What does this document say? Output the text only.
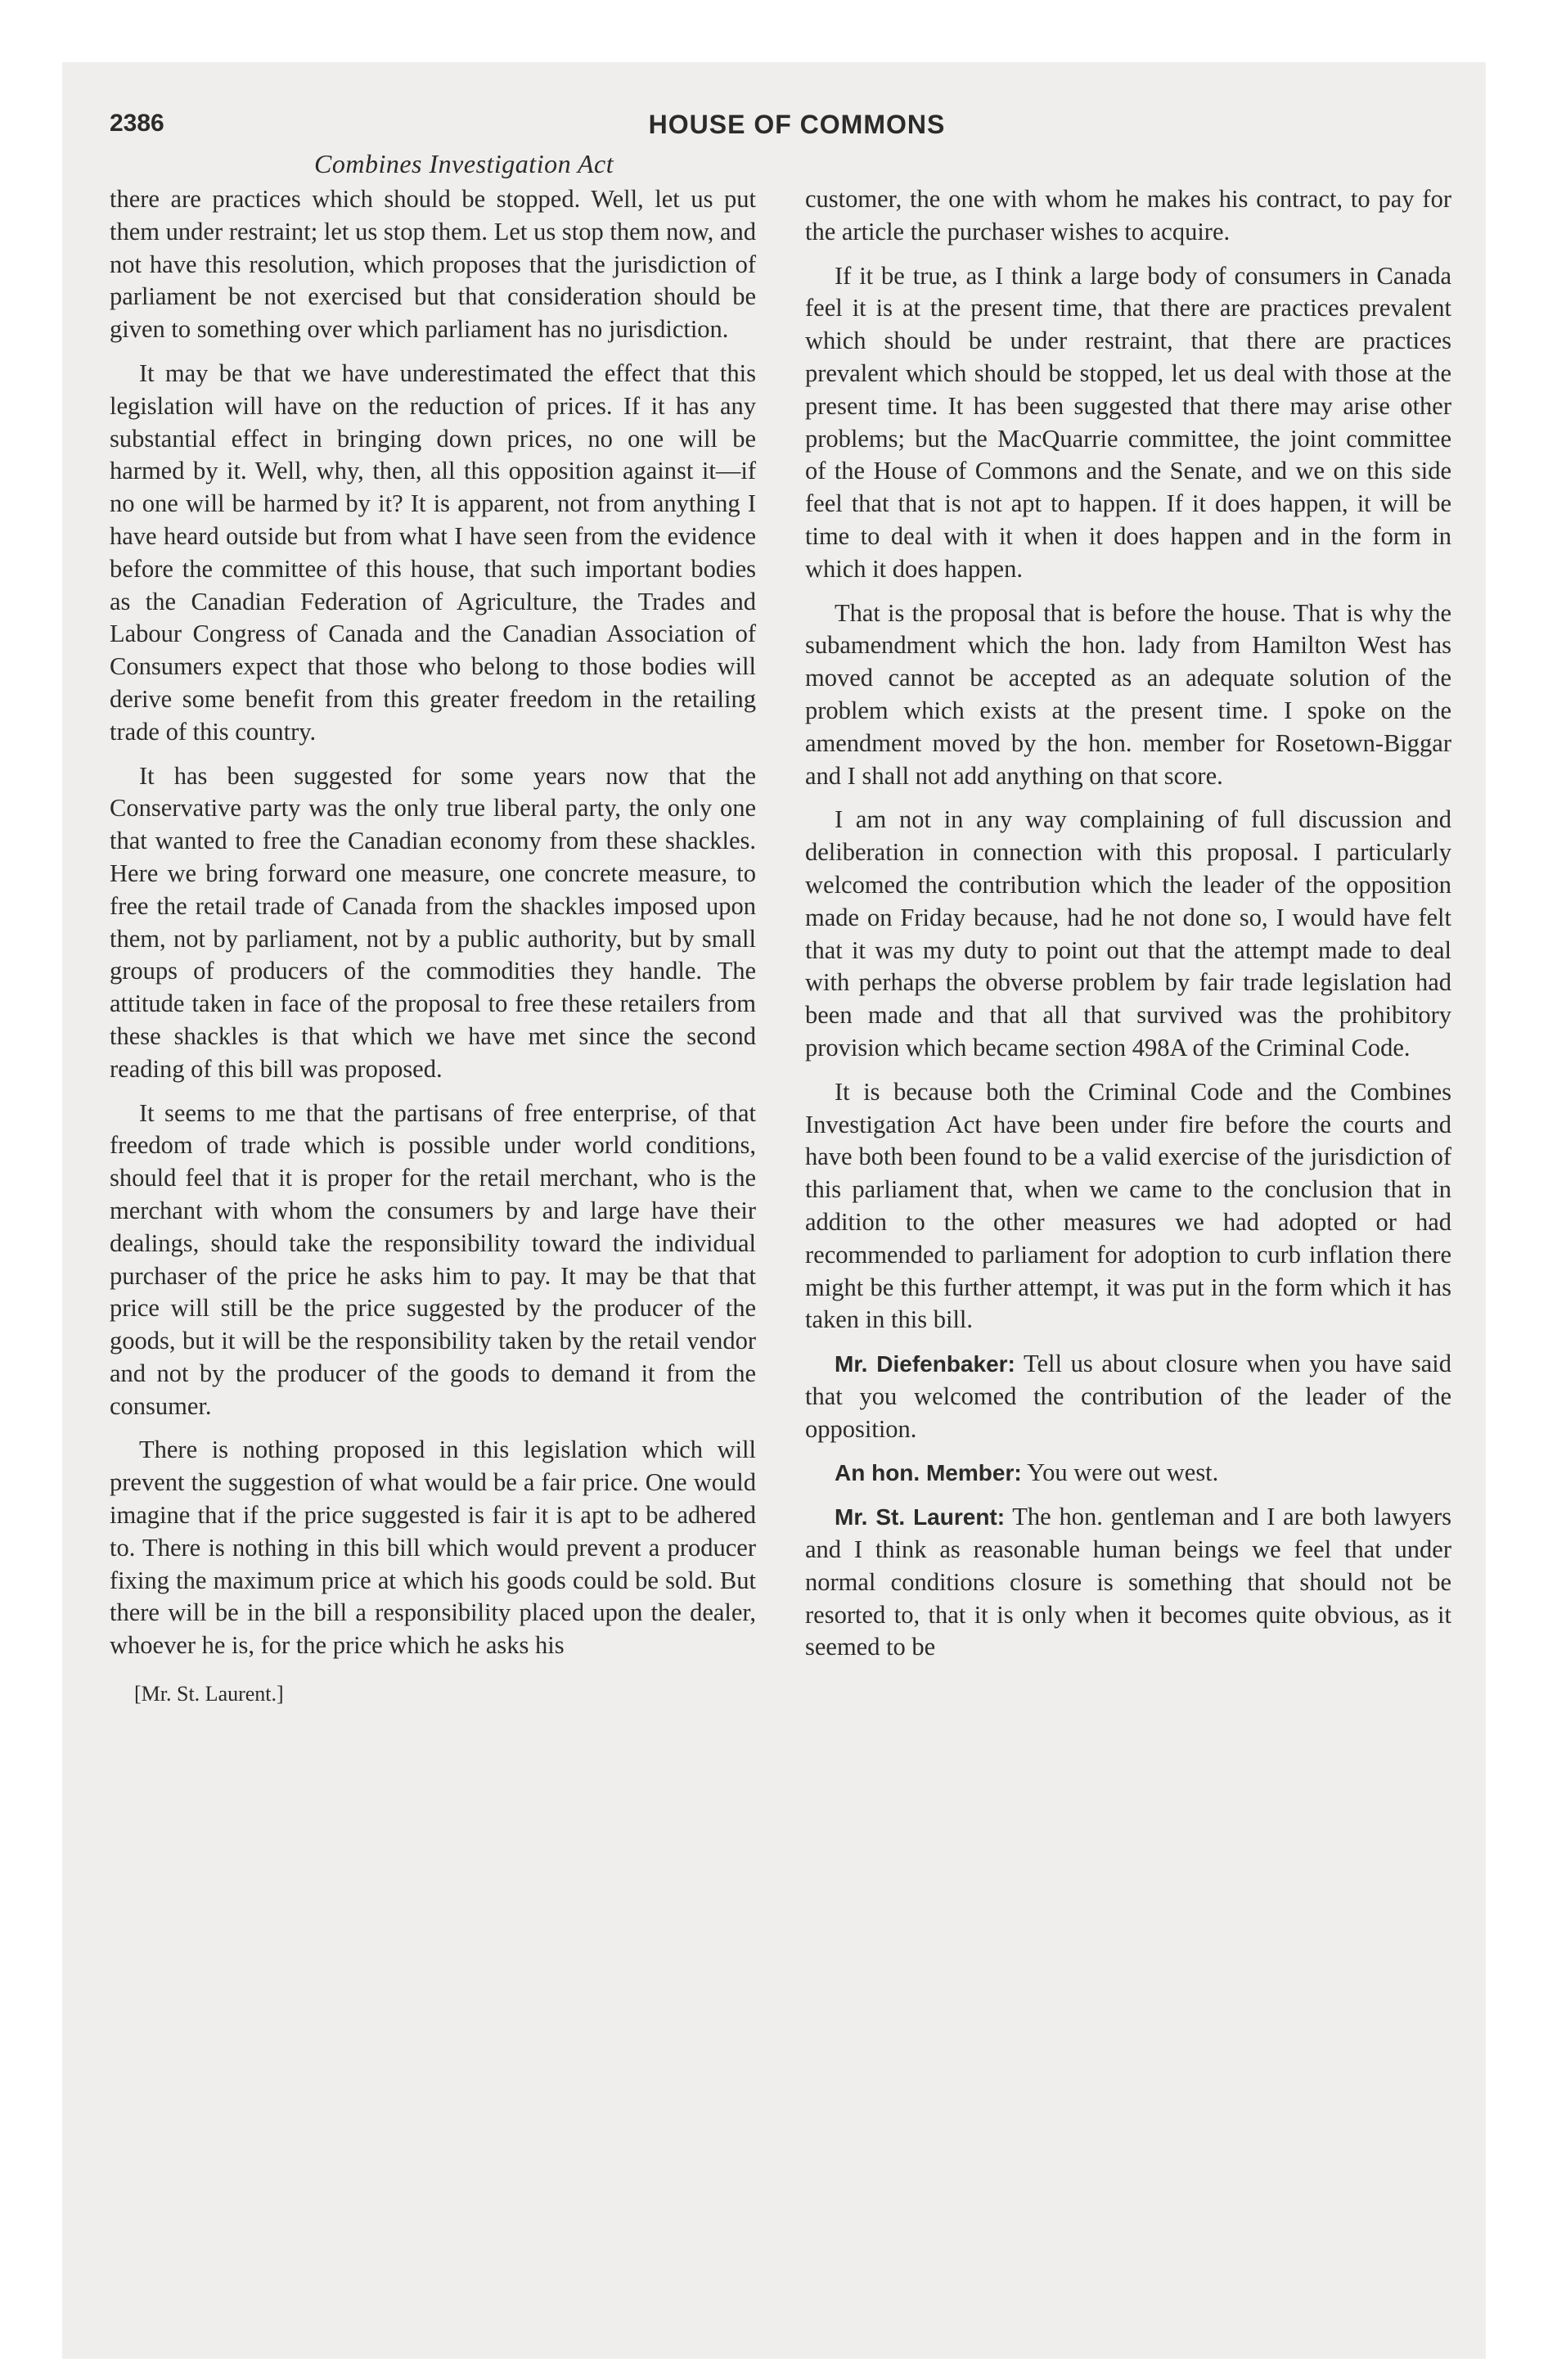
2386	HOUSE OF COMMONS
Combines Investigation Act

there are practices which should be stopped. Well, let us put them under restraint; let us stop them. Let us stop them now, and not have this resolution, which proposes that the jurisdiction of parliament be not exercised but that consideration should be given to something over which parliament has no jurisdiction.

It may be that we have underestimated the effect that this legislation will have on the reduction of prices. If it has any substantial effect in bringing down prices, no one will be harmed by it. Well, why, then, all this opposition against it—if no one will be harmed by it? It is apparent, not from anything I have heard outside but from what I have seen from the evidence before the committee of this house, that such important bodies as the Canadian Federation of Agriculture, the Trades and Labour Congress of Canada and the Canadian Association of Consumers expect that those who belong to those bodies will derive some benefit from this greater freedom in the retailing trade of this country.

It has been suggested for some years now that the Conservative party was the only true liberal party, the only one that wanted to free the Canadian economy from these shackles. Here we bring forward one measure, one concrete measure, to free the retail trade of Canada from the shackles imposed upon them, not by parliament, not by a public authority, but by small groups of producers of the commodities they handle. The attitude taken in face of the proposal to free these retailers from these shackles is that which we have met since the second reading of this bill was proposed.

It seems to me that the partisans of free enterprise, of that freedom of trade which is possible under world conditions, should feel that it is proper for the retail merchant, who is the merchant with whom the consumers by and large have their dealings, should take the responsibility toward the individual purchaser of the price he asks him to pay. It may be that that price will still be the price suggested by the producer of the goods, but it will be the responsibility taken by the retail vendor and not by the producer of the goods to demand it from the consumer.

There is nothing proposed in this legislation which will prevent the suggestion of what would be a fair price. One would imagine that if the price suggested is fair it is apt to be adhered to. There is nothing in this bill which would prevent a producer fixing the maximum price at which his goods could be sold. But there will be in the bill a responsibility placed upon the dealer, whoever he is, for the price which he asks his

[Mr. St. Laurent.]

customer, the one with whom he makes his contract, to pay for the article the purchaser wishes to acquire.

If it be true, as I think a large body of consumers in Canada feel it is at the present time, that there are practices prevalent which should be under restraint, that there are practices prevalent which should be stopped, let us deal with those at the present time. It has been suggested that there may arise other problems; but the MacQuarrie committee, the joint committee of the House of Commons and the Senate, and we on this side feel that that is not apt to happen. If it does happen, it will be time to deal with it when it does happen and in the form in which it does happen.

That is the proposal that is before the house. That is why the subamendment which the hon. lady from Hamilton West has moved cannot be accepted as an adequate solution of the problem which exists at the present time. I spoke on the amendment moved by the hon. member for Rosetown-Biggar and I shall not add anything on that score.

I am not in any way complaining of full discussion and deliberation in connection with this proposal. I particularly welcomed the contribution which the leader of the opposition made on Friday because, had he not done so, I would have felt that it was my duty to point out that the attempt made to deal with perhaps the obverse problem by fair trade legislation had been made and that all that survived was the prohibitory provision which became section 498A of the Criminal Code.

It is because both the Criminal Code and the Combines Investigation Act have been under fire before the courts and have both been found to be a valid exercise of the jurisdiction of this parliament that, when we came to the conclusion that in addition to the other measures we had adopted or had recommended to parliament for adoption to curb inflation there might be this further attempt, it was put in the form which it has taken in this bill.

Mr. Diefenbaker: Tell us about closure when you have said that you welcomed the contribution of the leader of the opposition.

An hon. Member: You were out west.

Mr. St. Laurent: The hon. gentleman and I are both lawyers and I think as reasonable human beings we feel that under normal conditions closure is something that should not be resorted to, that it is only when it becomes quite obvious, as it seemed to be
